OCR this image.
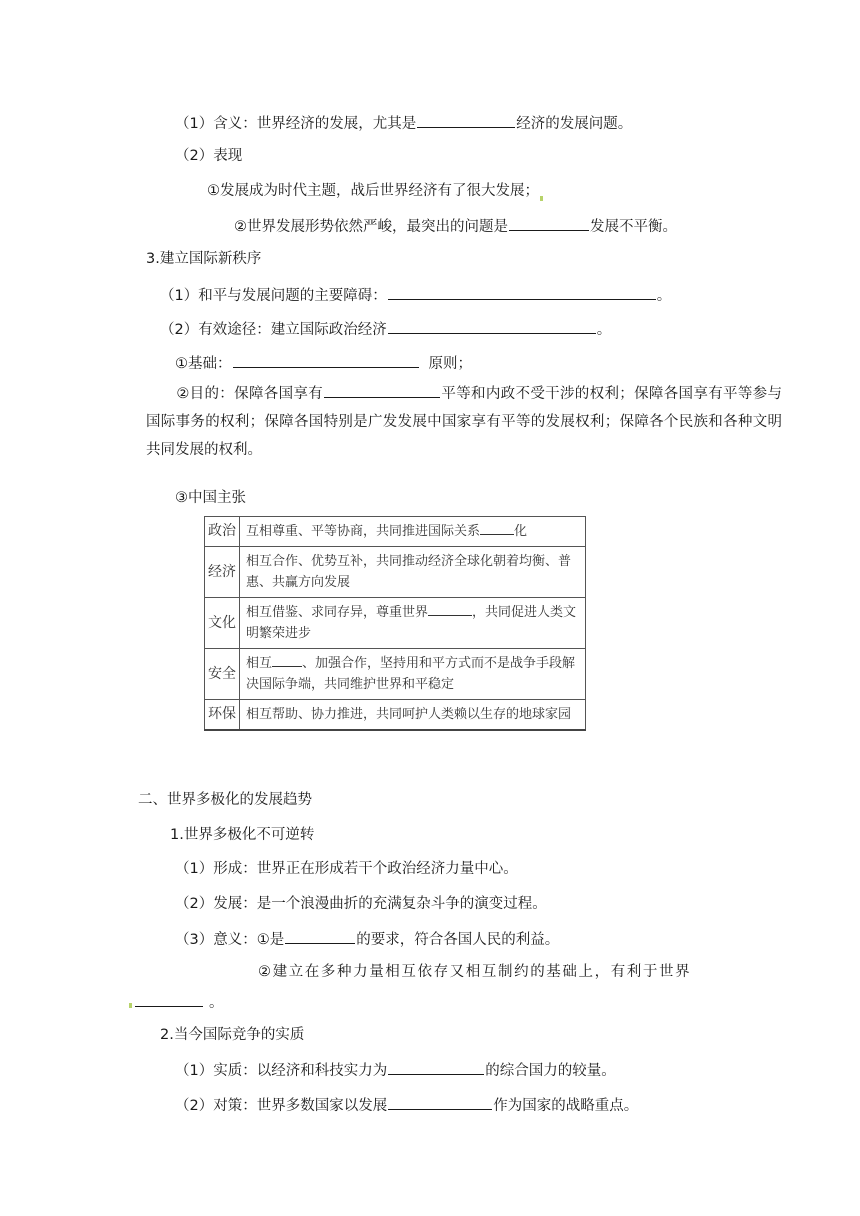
（1）含义：世界经济的发展，尤其是	经济的发展问题。
（2）表现
①发展成为时代主题，战后世界经济有了很大发展；
②世界发展形势依然严峻，最突出的问题是	发展不平衡。
3.建立国际新秩序
（1）和平与发展问题的主要障碍：	。
（2）有效途径：建立国际政治经济	。
①基础：	原则；
②目的：保障各国享有	平等和内政不受干涉的权利；保障各国享有平等参与国际事务的权利；保障各国特别是广发发展中国家享有平等的发展权利；保障各个民族和各种文明共同发展的权利。
③中国主张
政治	互相尊重、平等协商，共同推进国际关系 化
经济	相互合作、优势互补，共同推动经济全球化朝着均衡、普惠、共赢方向发展
文化	相互借鉴、求同存异，尊重世界 ，共同促进人类文明繁荣进步
安全	相互 、加强合作，坚持用和平方式而不是战争手段解决国际争端，共同维护世界和平稳定
环保	相互帮助、协力推进，共同呵护人类赖以生存的地球家园
二、世界多极化的发展趋势
1.世界多极化不可逆转
（1）形成：世界正在形成若干个政治经济力量中心。
（2）发展：是一个浪漫曲折的充满复杂斗争的演变过程。
（3）意义：①是	的要求，符合各国人民的利益。
②建立在多种力量相互依存又相互制约的基础上，有利于世界
。
2.当今国际竞争的实质
（1）实质：以经济和科技实力为	的综合国力的较量。
（2）对策：世界多数国家以发展	作为国家的战略重点。
